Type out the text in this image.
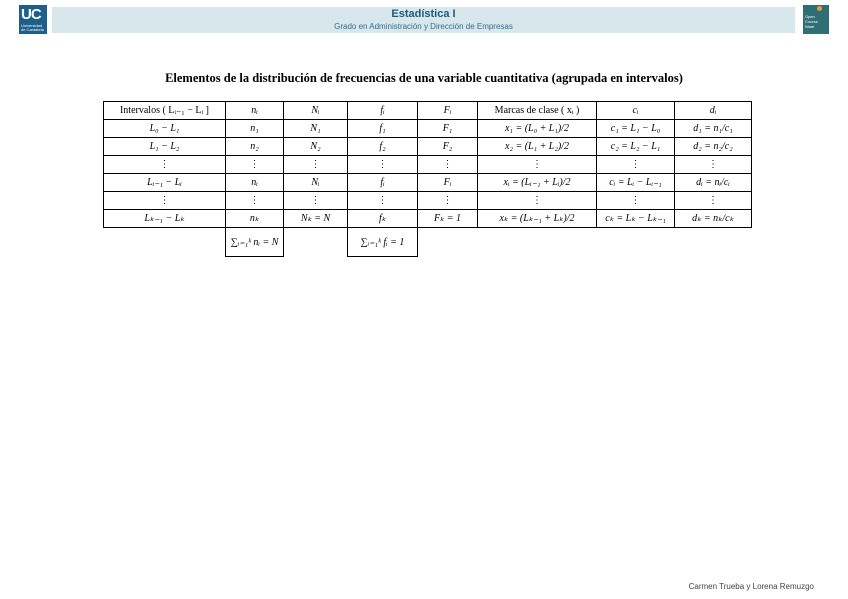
UC
Universidad de Cantabria
Estadística I
Grado en Administración y Dirección de Empresas
Open
Course
Ware
Elementos de la distribución de frecuencias de una variable cuantitativa (agrupada en intervalos)
Intervalos ( Lᵢ₋₁ − Lᵢ ]	nᵢ	Nᵢ	fᵢ	Fᵢ	Marcas de clase ( xᵢ )	cᵢ	dᵢ
L₀ − L₁	n₁	N₁	f₁	F₁	x₁ = (L₀ + L₁)/2	c₁ = L₁ − L₀	d₁ = n₁/c₁
L₁ − L₂	n₂	N₂	f₂	F₂	x₂ = (L₁ + L₂)/2	c₂ = L₂ − L₁	d₂ = n₂/c₂
⋮	⋮	⋮	⋮	⋮	⋮	⋮	⋮
Lᵢ₋₁ − Lᵢ	nᵢ	Nᵢ	fᵢ	Fᵢ	xᵢ = (Lᵢ₋₁ + Lᵢ)/2	cᵢ = Lᵢ − Lᵢ₋₁	dᵢ = nᵢ/cᵢ
⋮	⋮	⋮	⋮	⋮	⋮	⋮	⋮
Lₖ₋₁ − Lₖ	nₖ	Nₖ = N	fₖ	Fₖ = 1	xₖ = (Lₖ₋₁ + Lₖ)/2	cₖ = Lₖ − Lₖ₋₁	dₖ = nₖ/cₖ
	∑ᵢ₌₁ᵏ nᵢ = N		∑ᵢ₌₁ᵏ fᵢ = 1				
Carmen Trueba y Lorena Remuzgo
